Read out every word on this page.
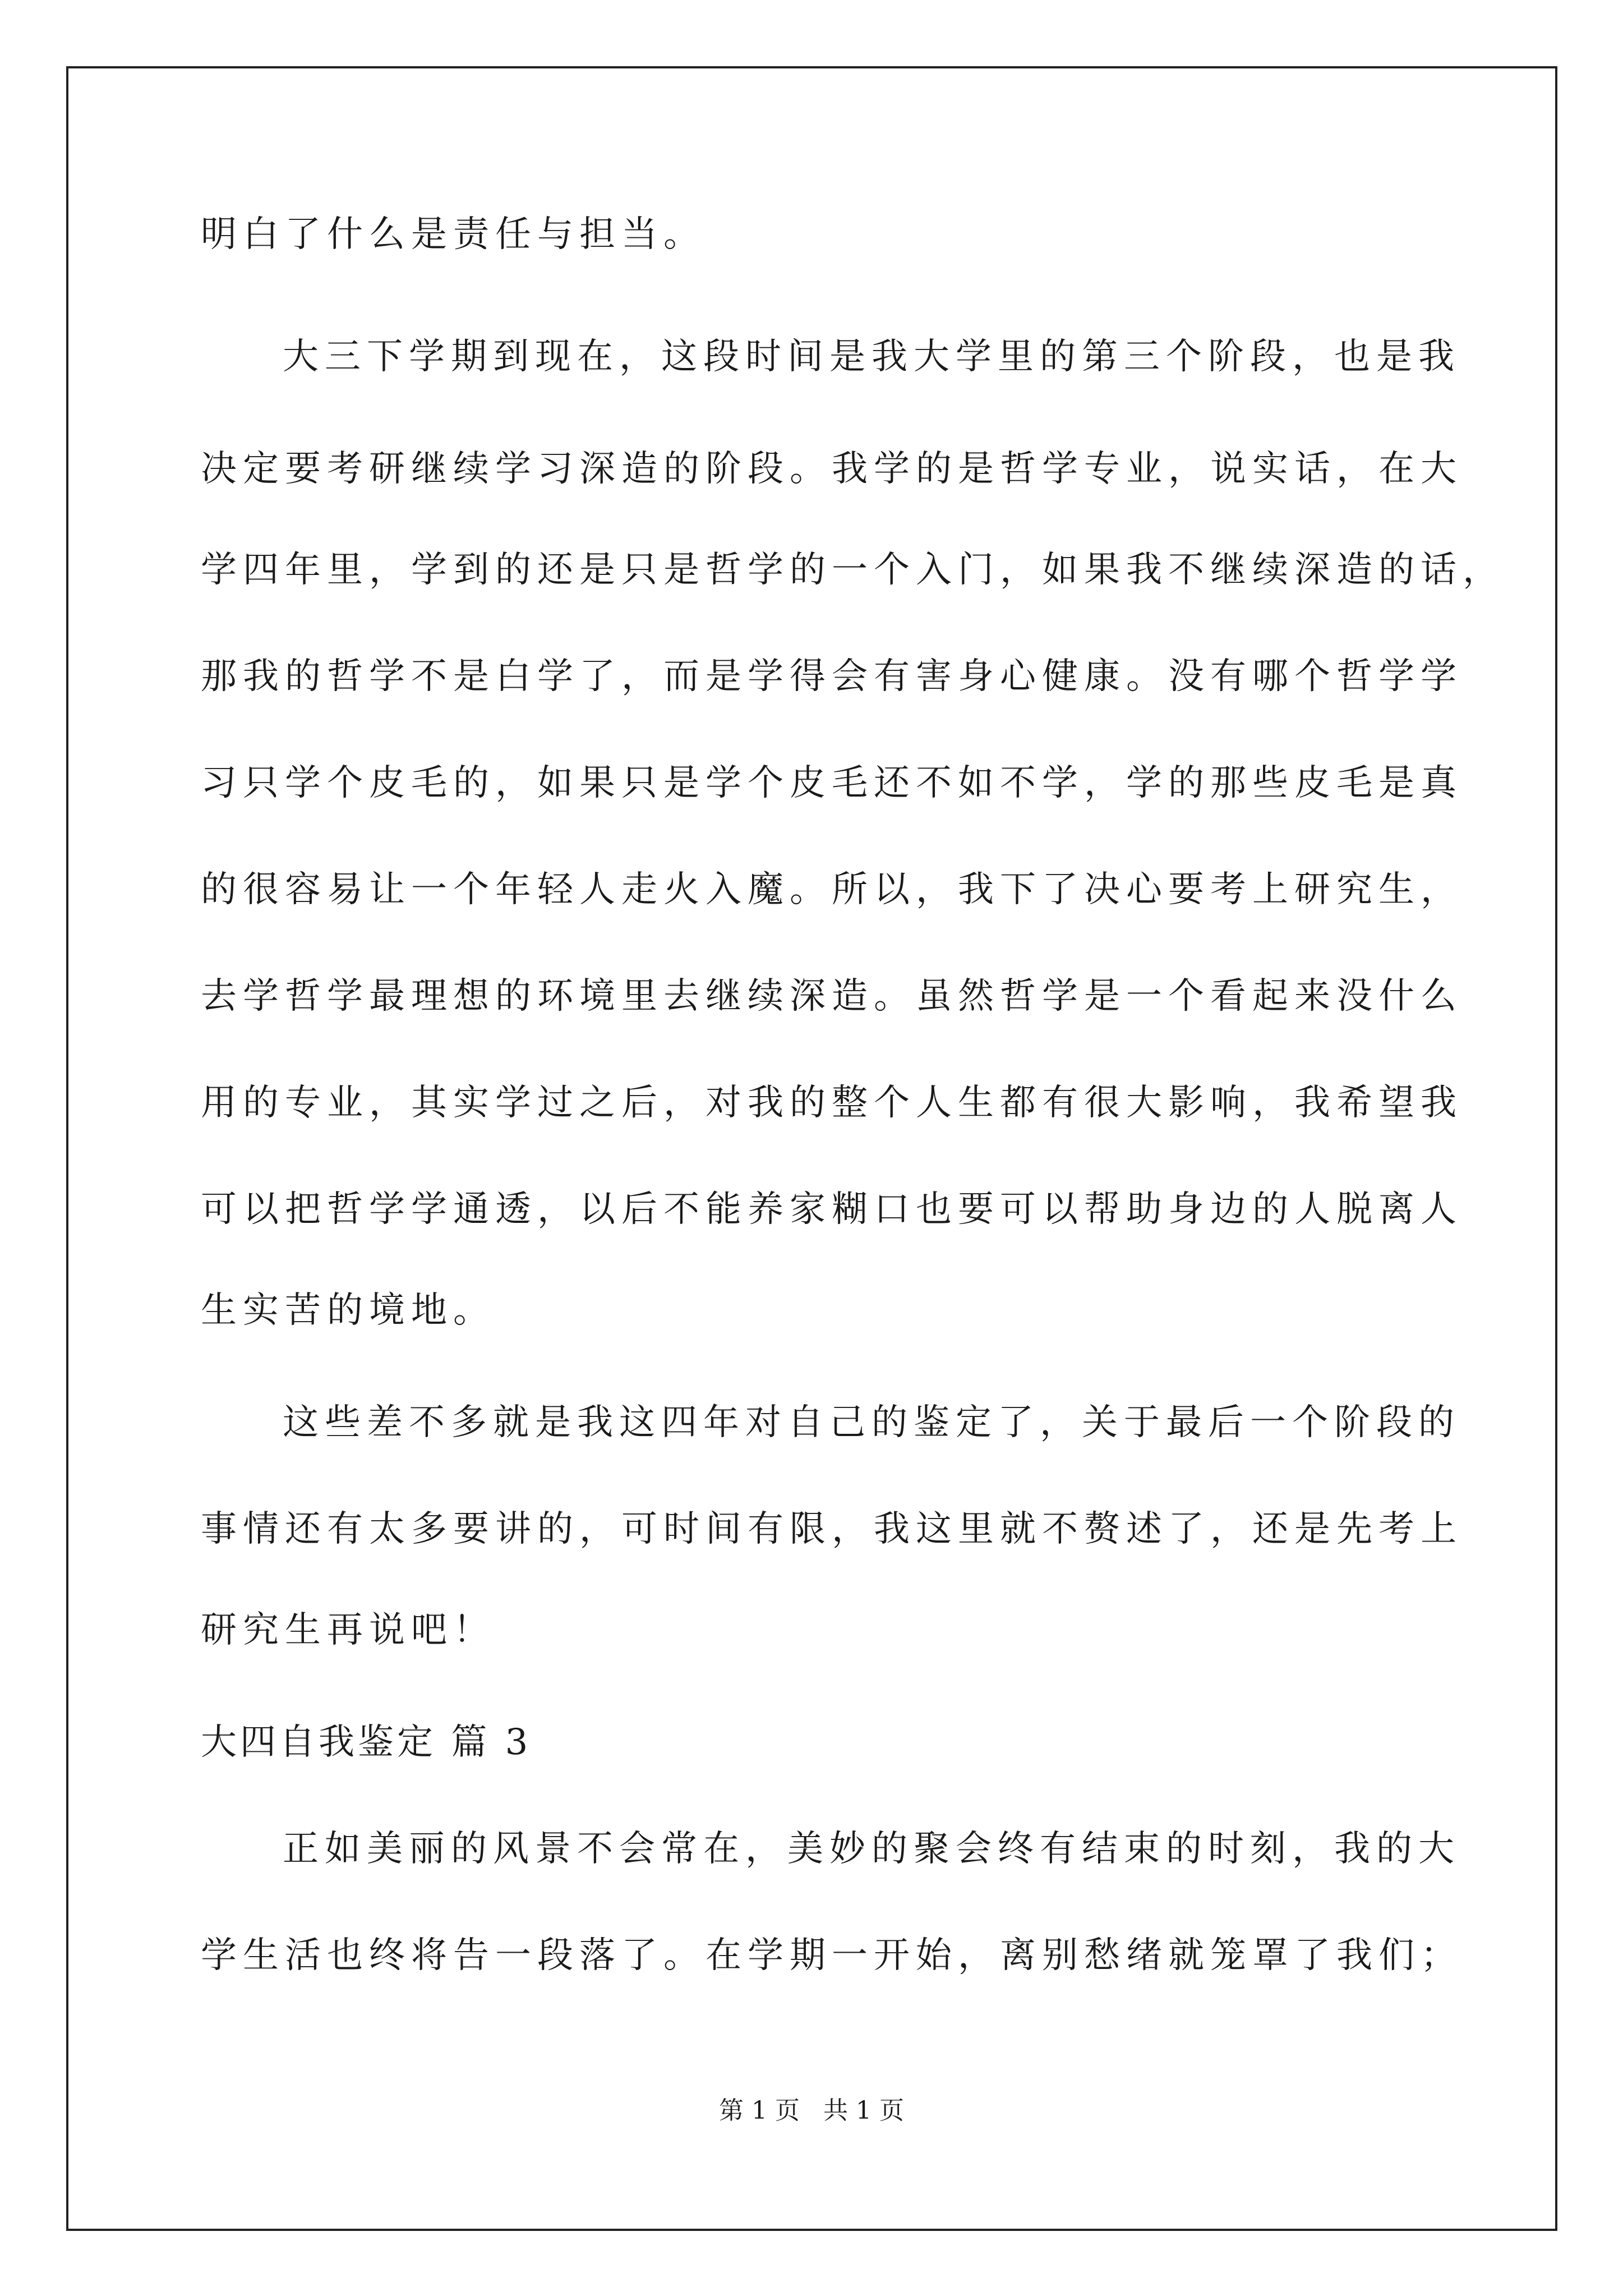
明白了什么是责任与担当。
大三下学期到现在，这段时间是我大学里的第三个阶段，也是我
决定要考研继续学习深造的阶段。我学的是哲学专业，说实话，在大
学四年里，学到的还是只是哲学的一个入门，如果我不继续深造的话，
那我的哲学不是白学了，而是学得会有害身心健康。没有哪个哲学学
习只学个皮毛的，如果只是学个皮毛还不如不学，学的那些皮毛是真
的很容易让一个年轻人走火入魔。所以，我下了决心要考上研究生，
去学哲学最理想的环境里去继续深造。虽然哲学是一个看起来没什么
用的专业，其实学过之后，对我的整个人生都有很大影响，我希望我
可以把哲学学通透，以后不能养家糊口也要可以帮助身边的人脱离人
生实苦的境地。
这些差不多就是我这四年对自己的鉴定了，关于最后一个阶段的
事情还有太多要讲的，可时间有限，我这里就不赘述了，还是先考上
研究生再说吧！
大四自我鉴定 篇 3
正如美丽的风景不会常在，美妙的聚会终有结束的时刻，我的大
学生活也终将告一段落了。在学期一开始，离别愁绪就笼罩了我们；
第 1 页   共 1 页
